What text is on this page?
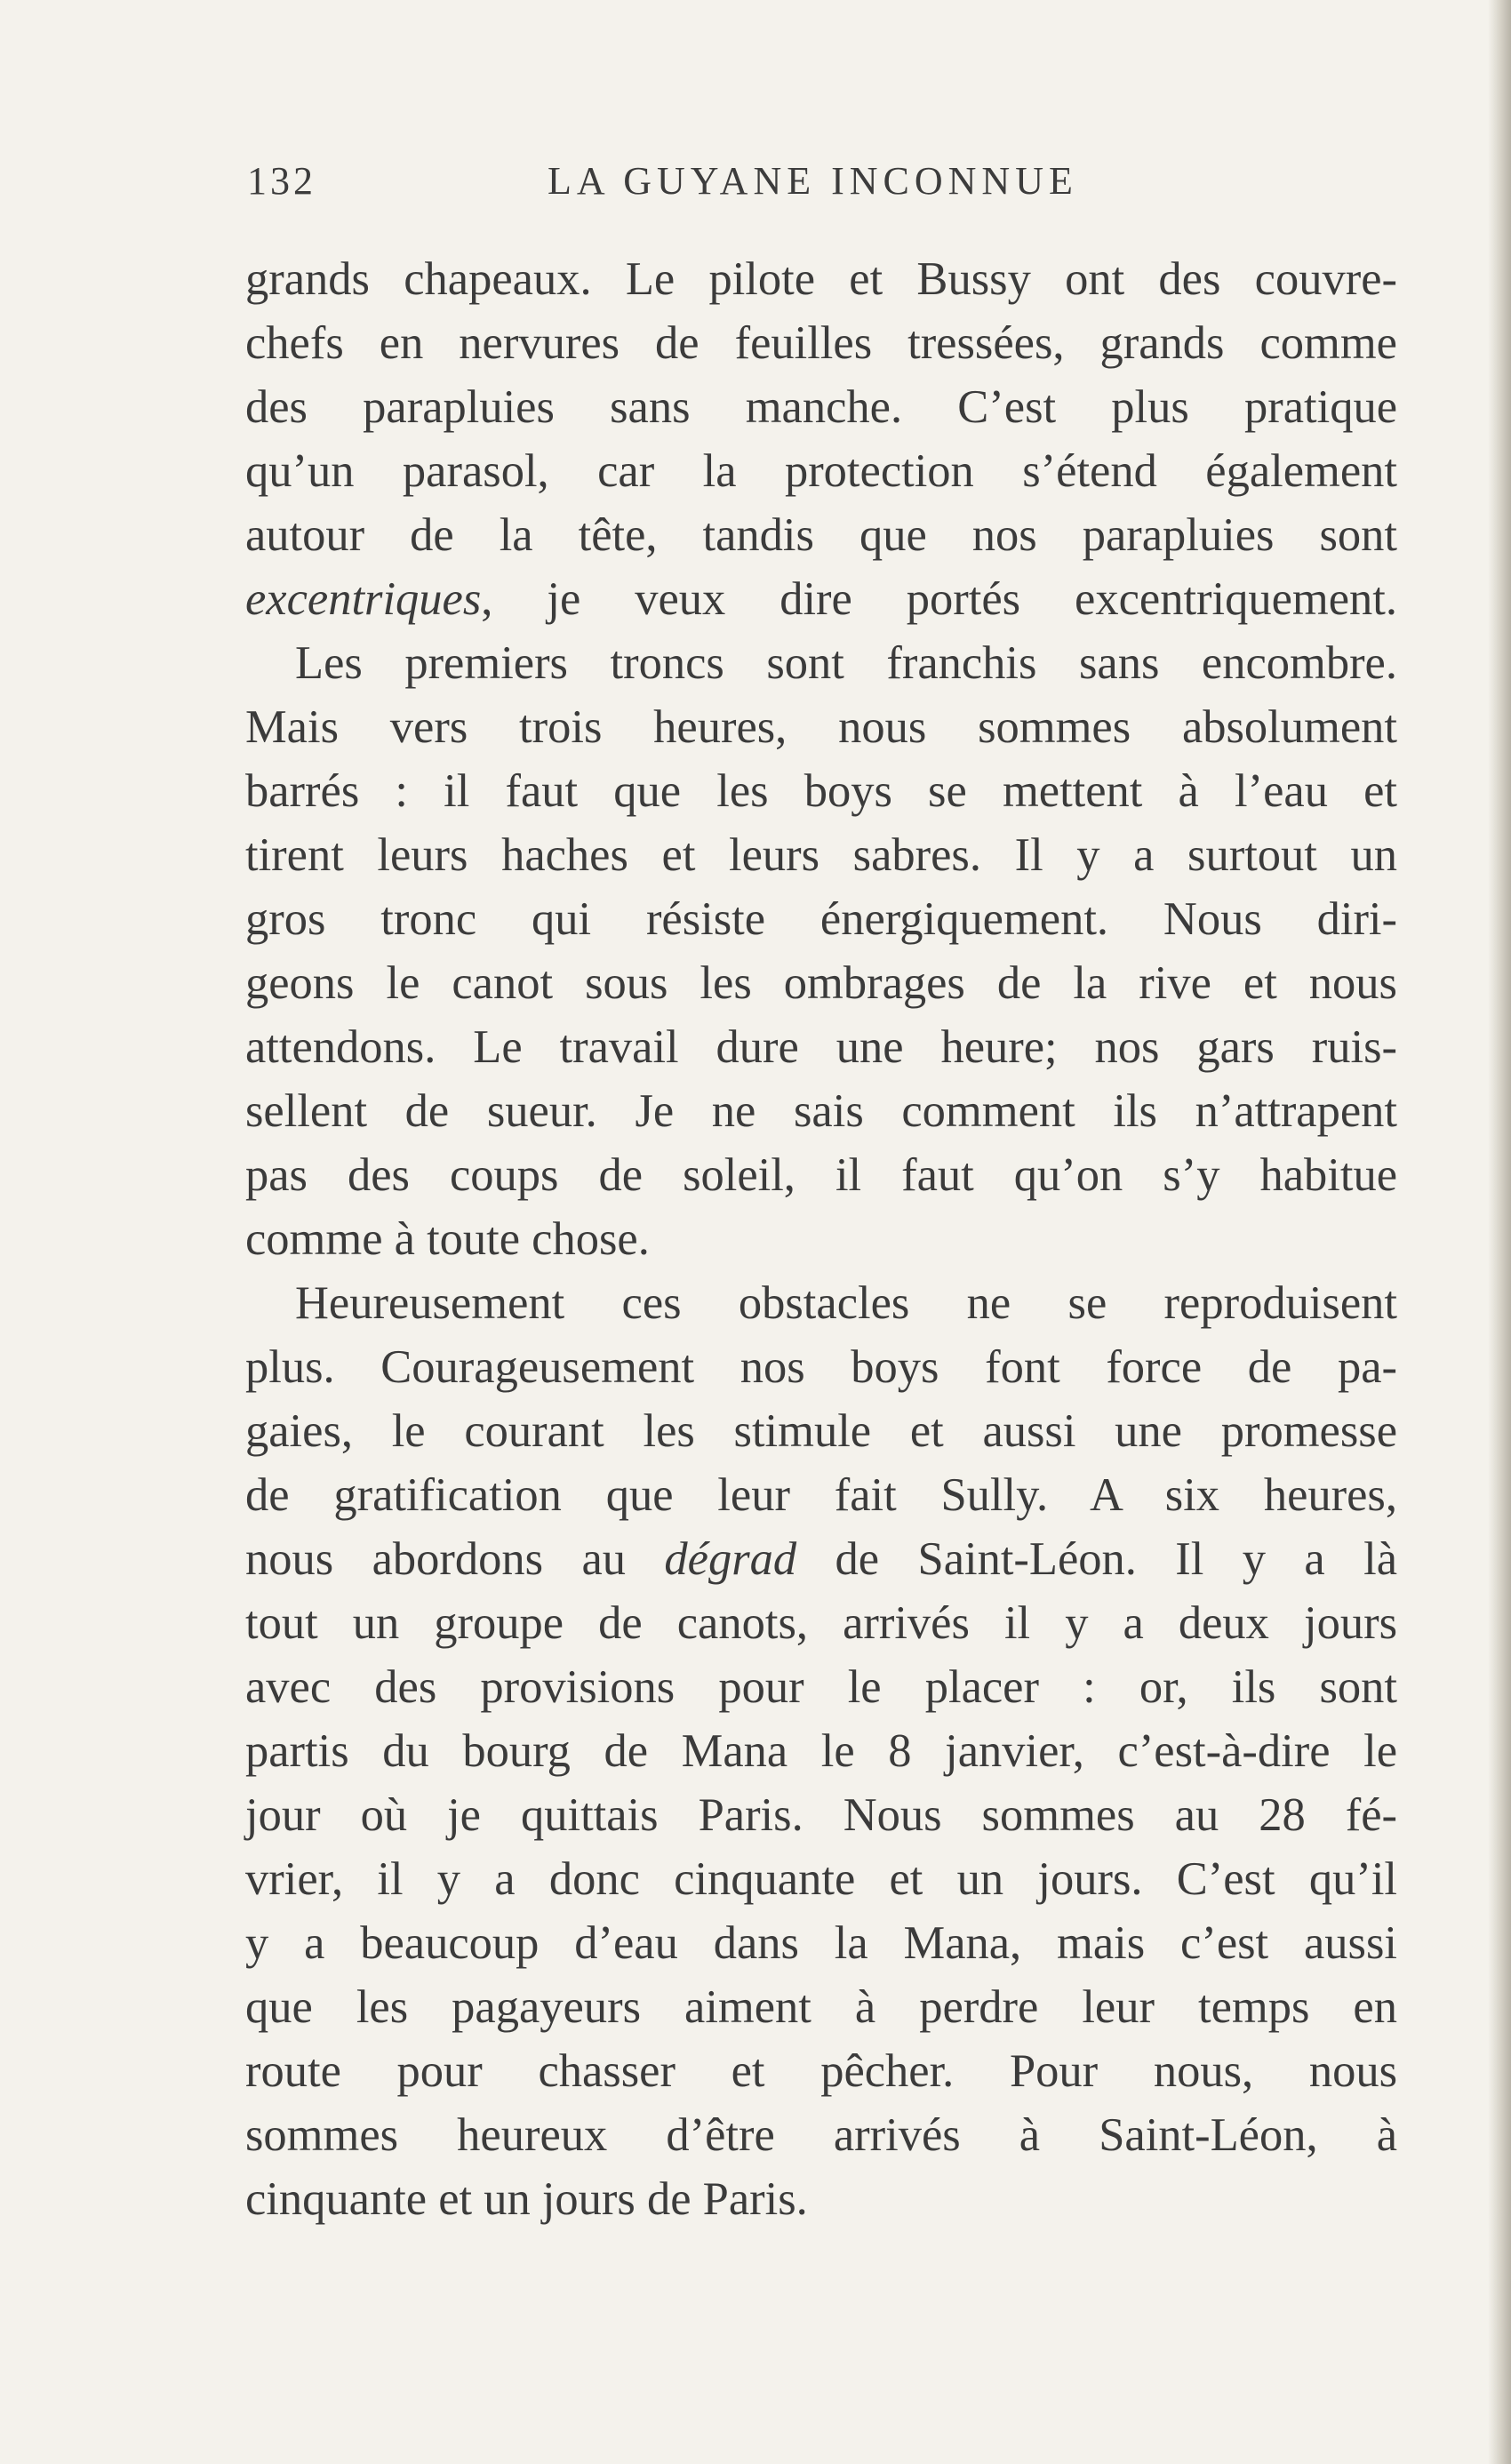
132	LA GUYANE INCONNUE
grands chapeaux. Le pilote et Bussy ont des couvre-
chefs en nervures de feuilles tressées, grands comme
des parapluies sans manche. C’est plus pratique
qu’un parasol, car la protection s’étend également
autour de la tête, tandis que nos parapluies sont
excentriques, je veux dire portés excentriquement.
Les premiers troncs sont franchis sans encombre.
Mais vers trois heures, nous sommes absolument
barrés : il faut que les boys se mettent à l’eau et
tirent leurs haches et leurs sabres. Il y a surtout un
gros tronc qui résiste énergiquement. Nous diri-
geons le canot sous les ombrages de la rive et nous
attendons. Le travail dure une heure; nos gars ruis-
sellent de sueur. Je ne sais comment ils n’attrapent
pas des coups de soleil, il faut qu’on s’y habitue
comme à toute chose.
Heureusement ces obstacles ne se reproduisent
plus. Courageusement nos boys font force de pa-
gaies, le courant les stimule et aussi une promesse
de gratification que leur fait Sully. A six heures,
nous abordons au dégrad de Saint-Léon. Il y a là
tout un groupe de canots, arrivés il y a deux jours
avec des provisions pour le placer : or, ils sont
partis du bourg de Mana le 8 janvier, c’est-à-dire le
jour où je quittais Paris. Nous sommes au 28 fé-
vrier, il y a donc cinquante et un jours. C’est qu’il
y a beaucoup d’eau dans la Mana, mais c’est aussi
que les pagayeurs aiment à perdre leur temps en
route pour chasser et pêcher. Pour nous, nous
sommes heureux d’être arrivés à Saint-Léon, à
cinquante et un jours de Paris.
